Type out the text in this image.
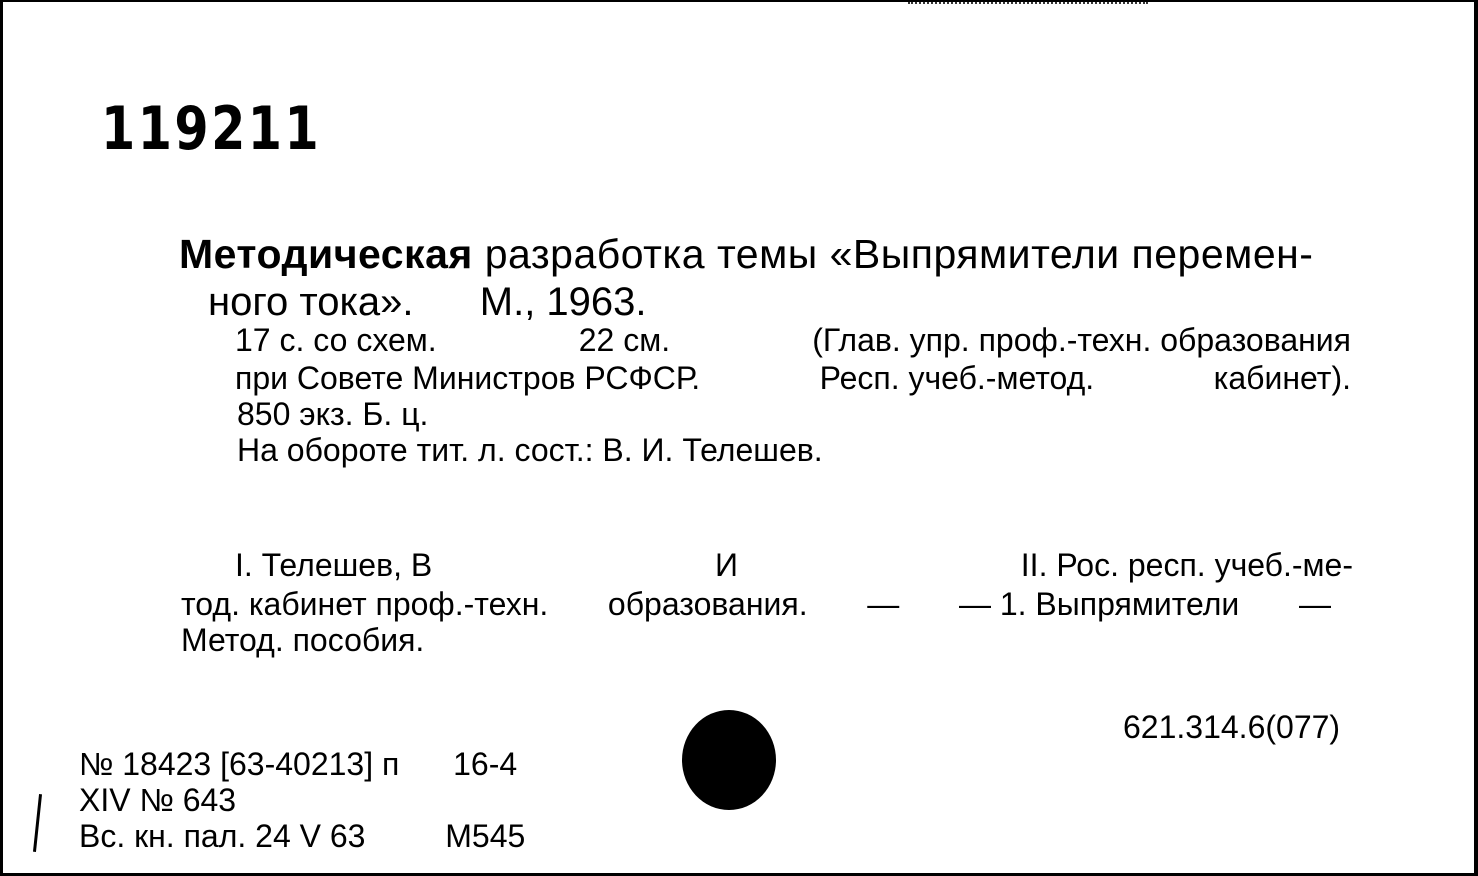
119211
Методическая разработка темы «Выпрямители перемен-
ного тока». М., 1963.
17 с. со схем.	22 см.	(Глав. упр. проф.-техн. образования
при Совете Министров РСФСР.	Респ. учеб.-метод.	кабинет).
850 экз. Б. ц.
На обороте тит. л. сост.: В. И. Телешев.
I. Телешев, В	И	II. Рос. респ. учеб.-ме-
тод. кабинет проф.-техн. образования. — — 1. Выпрямители —
Метод. пособия.
621.314.6(077)
№ 18423 [63-40213] п 16-4
XIV № 643
Вс. кн. пал. 24 V 63 М545
